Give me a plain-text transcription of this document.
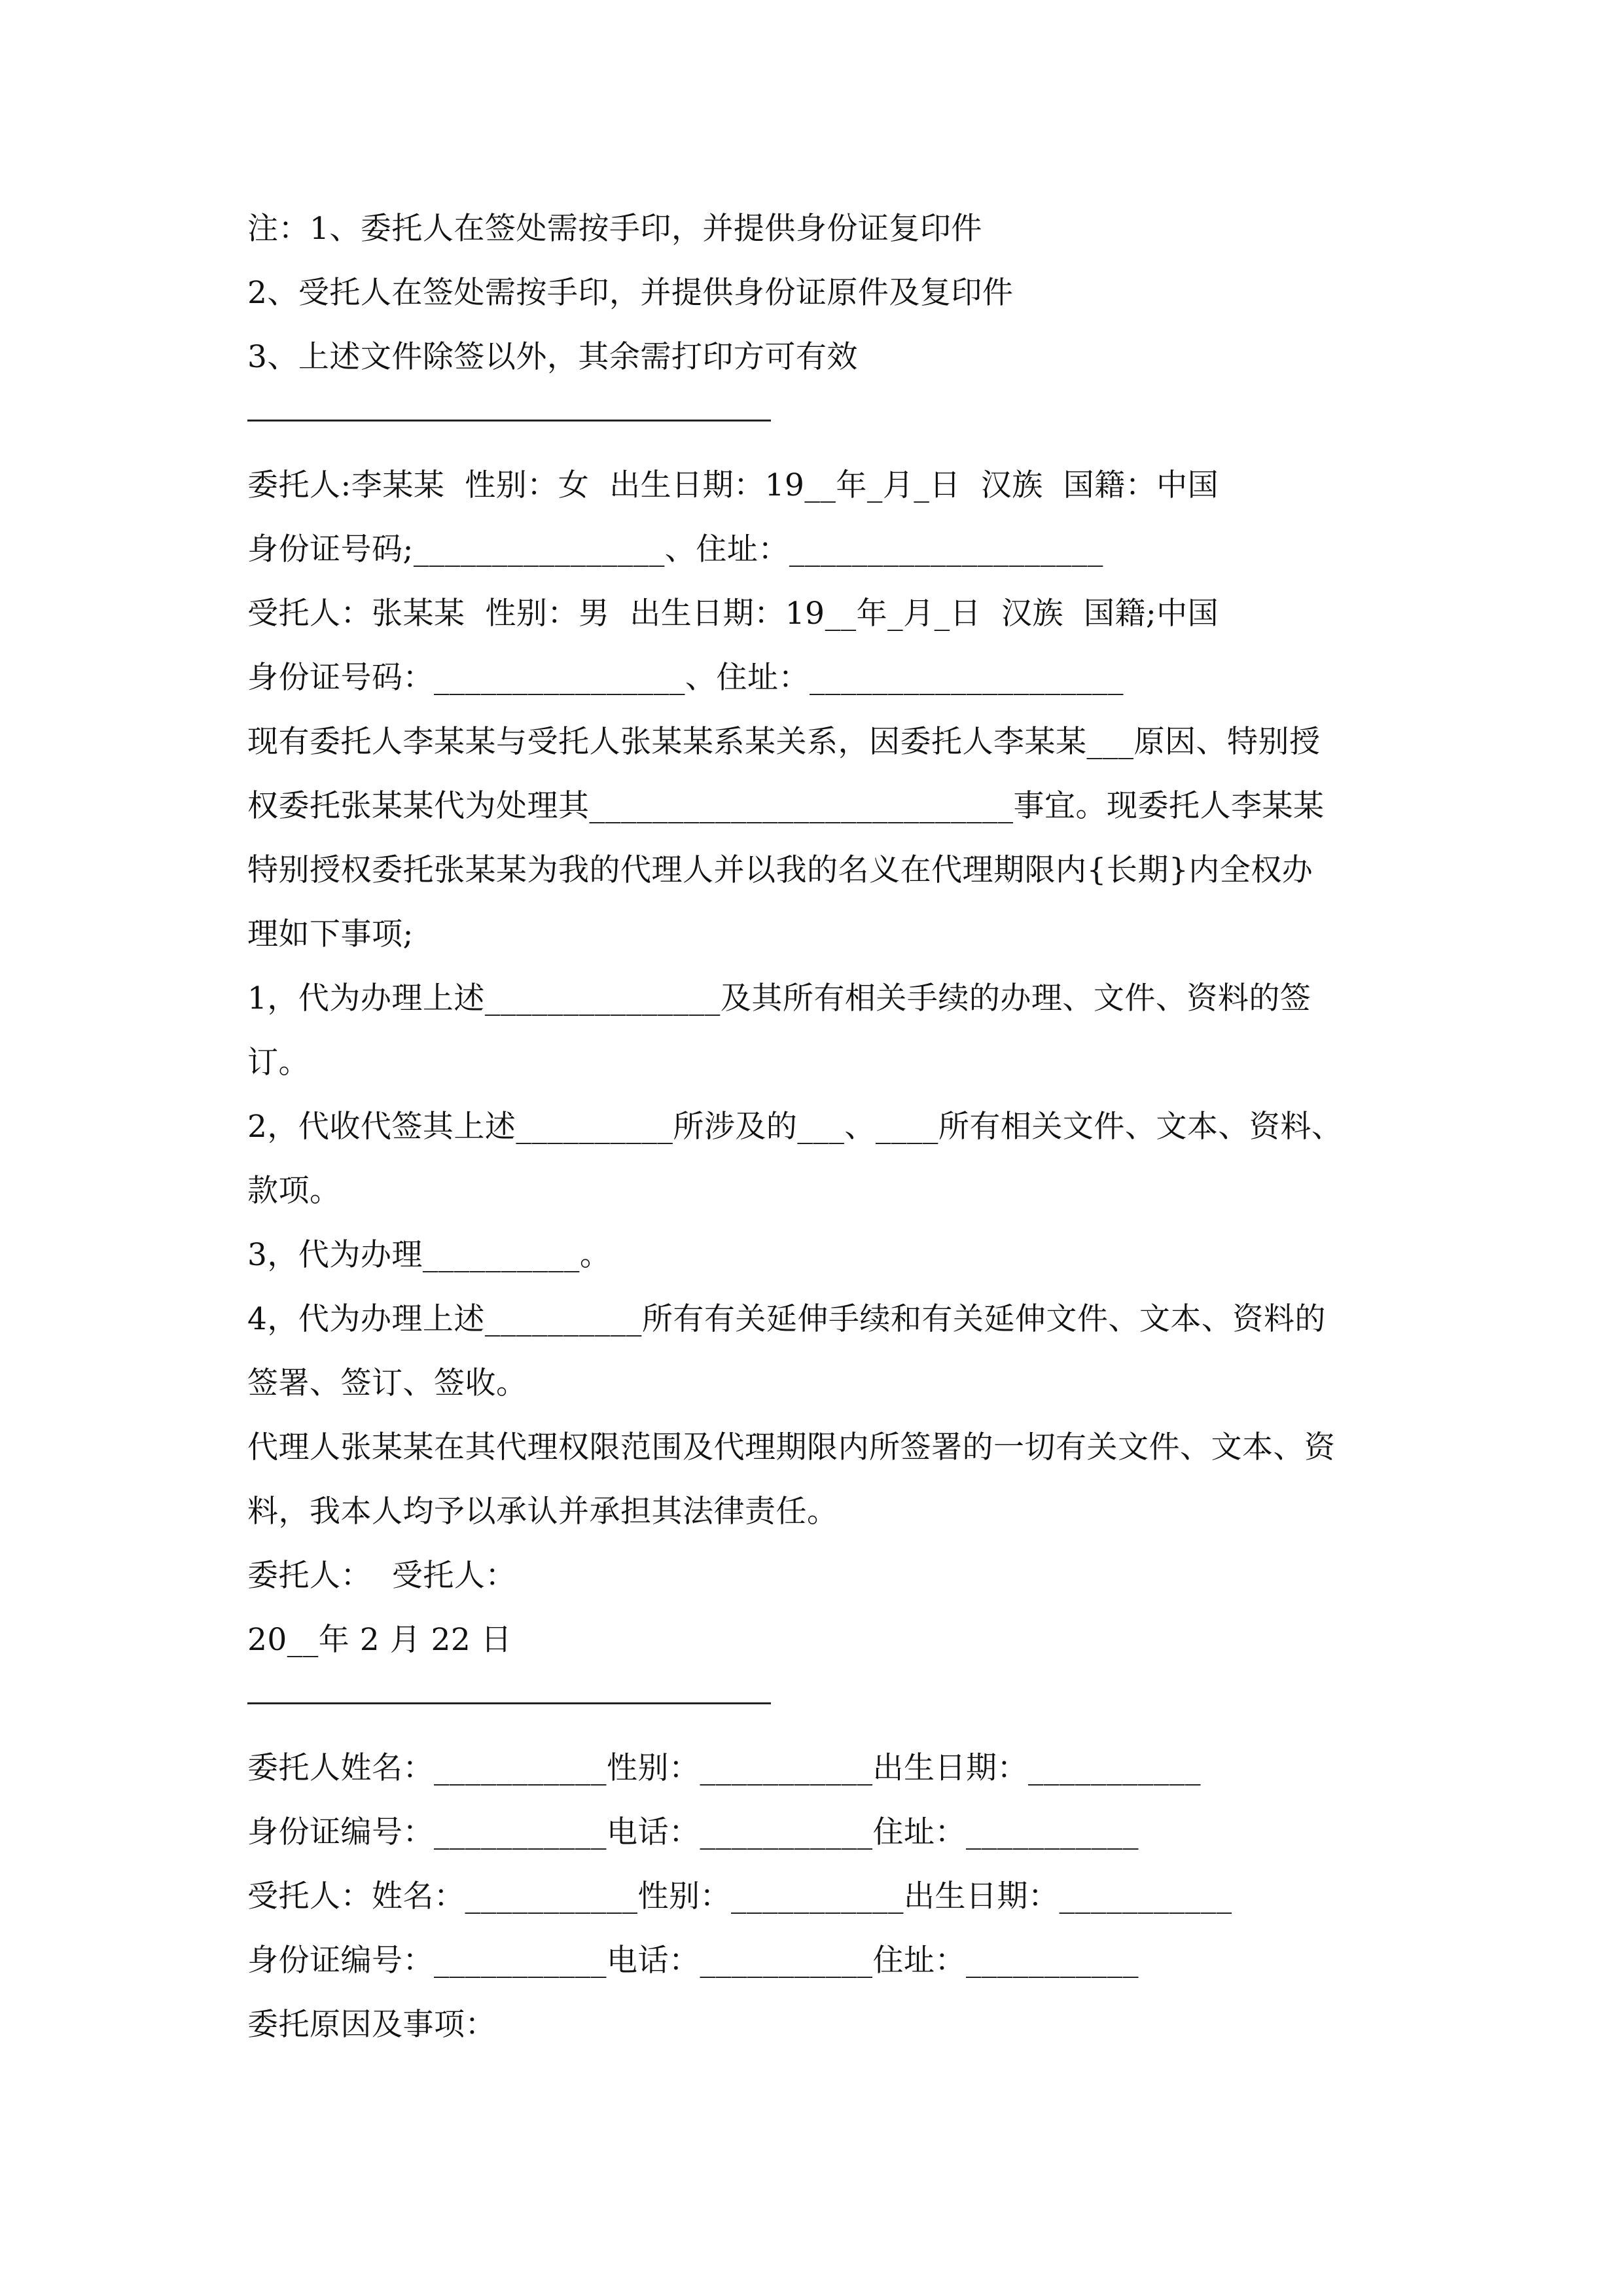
注：1、委托人在签处需按手印，并提供身份证复印件
2、受托人在签处需按手印，并提供身份证原件及复印件
3、上述文件除签以外，其余需打印方可有效
委托人:李某某  性别：女  出生日期：19__年_月_日  汉族  国籍：中国
身份证号码;________________、住址：____________________
受托人：张某某  性别：男  出生日期：19__年_月_日  汉族  国籍;中国
身份证号码：________________、住址：____________________
现有委托人李某某与受托人张某某系某关系，因委托人李某某___原因、特别授
权委托张某某代为处理其___________________________事宜。现委托人李某某
特别授权委托张某某为我的代理人并以我的名义在代理期限内{长期}内全权办
理如下事项;
1，代为办理上述_______________及其所有相关手续的办理、文件、资料的签
订。
2，代收代签其上述__________所涉及的___、____所有相关文件、文本、资料、
款项。
3，代为办理__________。
4，代为办理上述__________所有有关延伸手续和有关延伸文件、文本、资料的
签署、签订、签收。
代理人张某某在其代理权限范围及代理期限内所签署的一切有关文件、文本、资
料，我本人均予以承认并承担其法律责任。
委托人：  受托人：
20__年 2 月 22 日
委托人姓名：___________性别：___________出生日期：___________
身份证编号：___________电话：___________住址：___________
受托人：姓名：___________性别：___________出生日期：___________
身份证编号：___________电话：___________住址：___________
委托原因及事项：
